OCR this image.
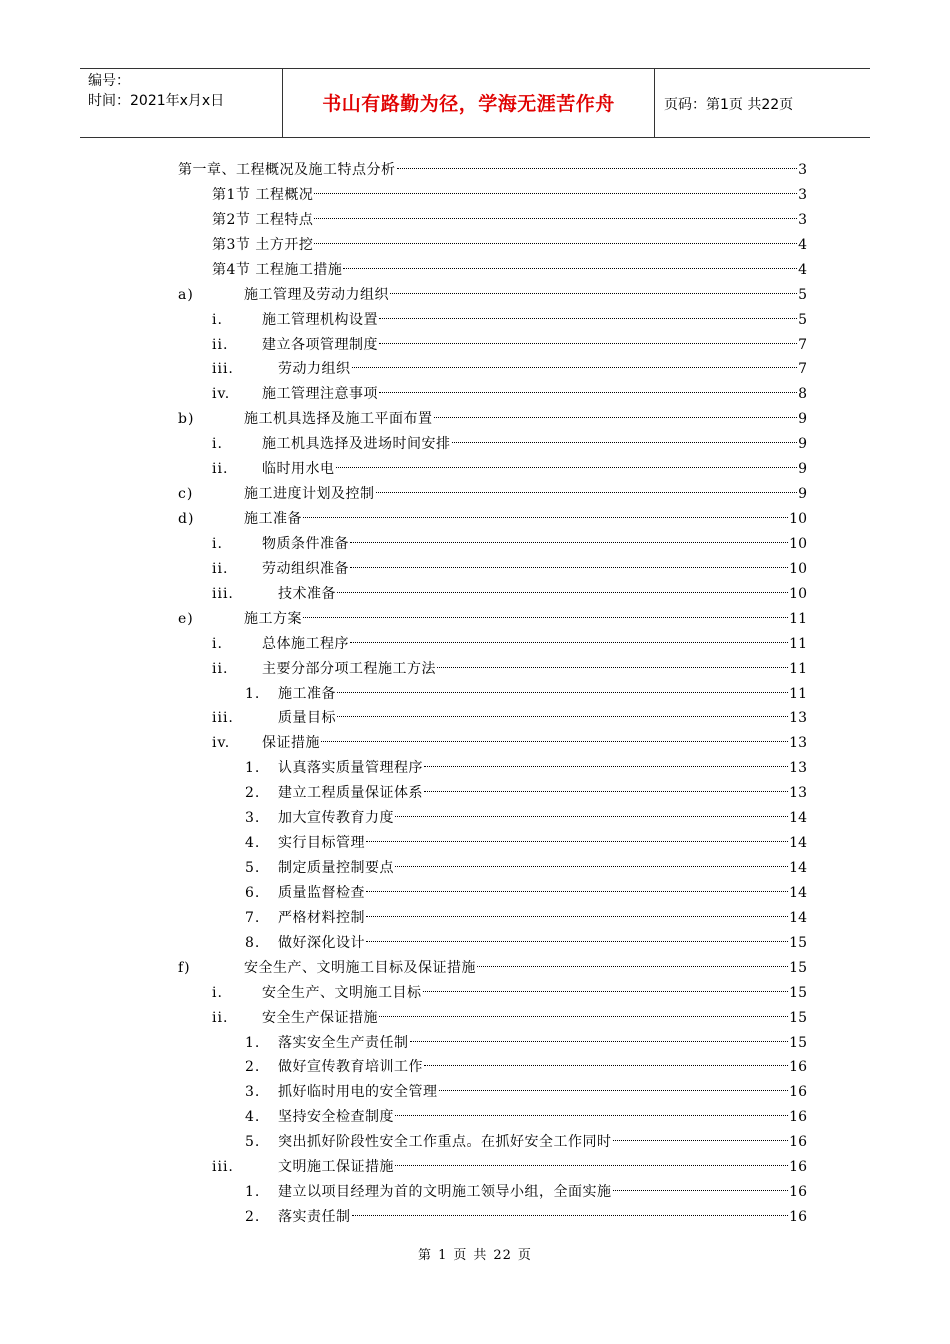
编号：
时间：2021年x月x日	书山有路勤为径，学海无涯苦作舟	页码：第1页 共22页
第一章、工程概况及施工特点分析	3
第1节 工程概况	3
第2节 工程特点	3
第3节 土方开挖	4
第4节 工程施工措施	4
a)	施工管理及劳动力组织	5
i.	施工管理机构设置	5
ii. 建立各项管理制度	7
iii.	劳动力组织	7
iv. 施工管理注意事项	8
b)	施工机具选择及施工平面布置	9
i.	施工机具选择及进场时间安排	9
ii. 临时用水电	9
c)	施工进度计划及控制	9
d)	施工准备	10
i.	物质条件准备	10
ii. 劳动组织准备	10
iii.	技术准备	10
e)	施工方案	11
i.	总体施工程序	11
ii. 主要分部分项工程施工方法	11
1. 施工准备	11
iii.	质量目标	13
iv. 保证措施	13
1. 认真落实质量管理程序	13
2. 建立工程质量保证体系	13
3. 加大宣传教育力度	14
4. 实行目标管理	14
5. 制定质量控制要点	14
6. 质量监督检查	14
7. 严格材料控制	14
8. 做好深化设计	15
f)	安全生产、文明施工目标及保证措施	15
i.	安全生产、文明施工目标	15
ii. 安全生产保证措施	15
1. 落实安全生产责任制	15
2. 做好宣传教育培训工作	16
3. 抓好临时用电的安全管理	16
4. 坚持安全检查制度	16
5. 突出抓好阶段性安全工作重点。在抓好安全工作同时	16
iii.	文明施工保证措施	16
1. 建立以项目经理为首的文明施工领导小组，全面实施	16
2. 落实责任制	16
第 1 页 共 22 页
